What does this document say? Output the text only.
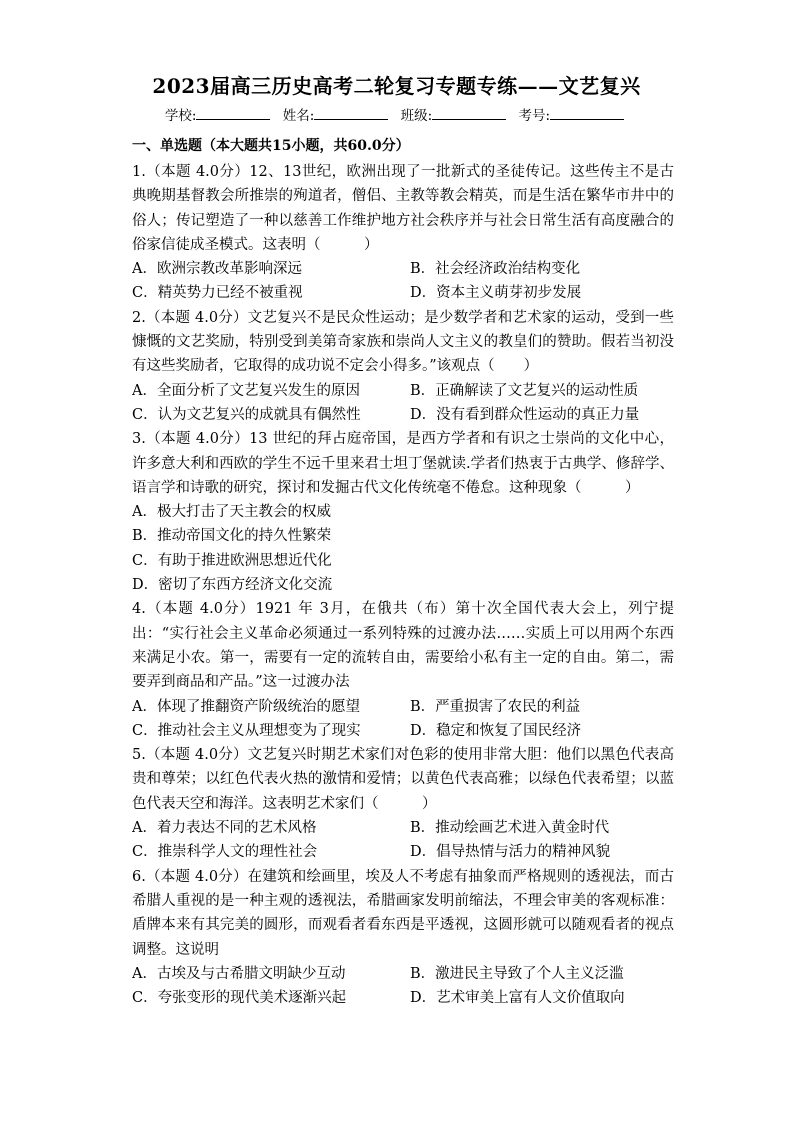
2023届高三历史高考二轮复习专题专练——文艺复兴
学校:	姓名:	班级:	考号:
一、单选题（本大题共15小题，共60.0分）

1.（本题 4.0分）12、13世纪，欧洲出现了一批新式的圣徒传记。这些传主不是古典晚期基督教会所推崇的殉道者，僧侣、主教等教会精英，而是生活在繁华市井中的俗人；传记塑造了一种以慈善工作维护地方社会秩序并与社会日常生活有高度融合的俗家信徒成圣模式。这表明（　　　）

A．欧洲宗教改革影响深远	B．社会经济政治结构变化
C．精英势力已经不被重视	D．资本主义萌芽初步发展

2.（本题 4.0分）文艺复兴不是民众性运动；是少数学者和艺术家的运动，受到一些慷慨的文艺奖励，特别受到美第奇家族和崇尚人文主义的教皇们的赞助。假若当初没有这些奖励者，它取得的成功说不定会小得多。”该观点（　　）

A．全面分析了文艺复兴发生的原因	B．正确解读了文艺复兴的运动性质
C．认为文艺复兴的成就具有偶然性	D．没有看到群众性运动的真正力量

3.（本题 4.0分）13 世纪的拜占庭帝国，是西方学者和有识之士崇尚的文化中心，许多意大利和西欧的学生不远千里来君士坦丁堡就读.学者们热衷于古典学、修辞学、语言学和诗歌的研究，探讨和发掘古代文化传统毫不倦怠。这种现象（　　　）

A．极大打击了天主教会的权威
B．推动帝国文化的持久性繁荣
C．有助于推进欧洲思想近代化
D．密切了东西方经济文化交流

4.（本题 4.0分）1921 年 3月，在俄共（布）第十次全国代表大会上，列宁提出：“实行社会主义革命必须通过一系列特殊的过渡办法……实质上可以用两个东西来满足小农。第一，需要有一定的流转自由，需要给小私有主一定的自由。第二，需要弄到商品和产品。”这一过渡办法

A．体现了推翻资产阶级统治的愿望	B．严重损害了农民的利益
C．推动社会主义从理想变为了现实	D．稳定和恢复了国民经济

5.（本题 4.0分）文艺复兴时期艺术家们对色彩的使用非常大胆：他们以黑色代表高贵和尊荣；以红色代表火热的激情和爱情；以黄色代表高雅；以绿色代表希望；以蓝色代表天空和海洋。这表明艺术家们（　　　）

A．着力表达不同的艺术风格	B．推动绘画艺术进入黄金时代
C．推崇科学人文的理性社会	D．倡导热情与活力的精神风貌

6.（本题 4.0分）在建筑和绘画里，埃及人不考虑有抽象而严格规则的透视法，而古希腊人重视的是一种主观的透视法，希腊画家发明前缩法，不理会审美的客观标准：盾牌本来有其完美的圆形，而观看者看东西是平透视，这圆形就可以随观看者的视点调整。这说明

A．古埃及与古希腊文明缺少互动	B．激进民主导致了个人主义泛滥
C．夸张变形的现代美术逐渐兴起	D．艺术审美上富有人文价值取向
